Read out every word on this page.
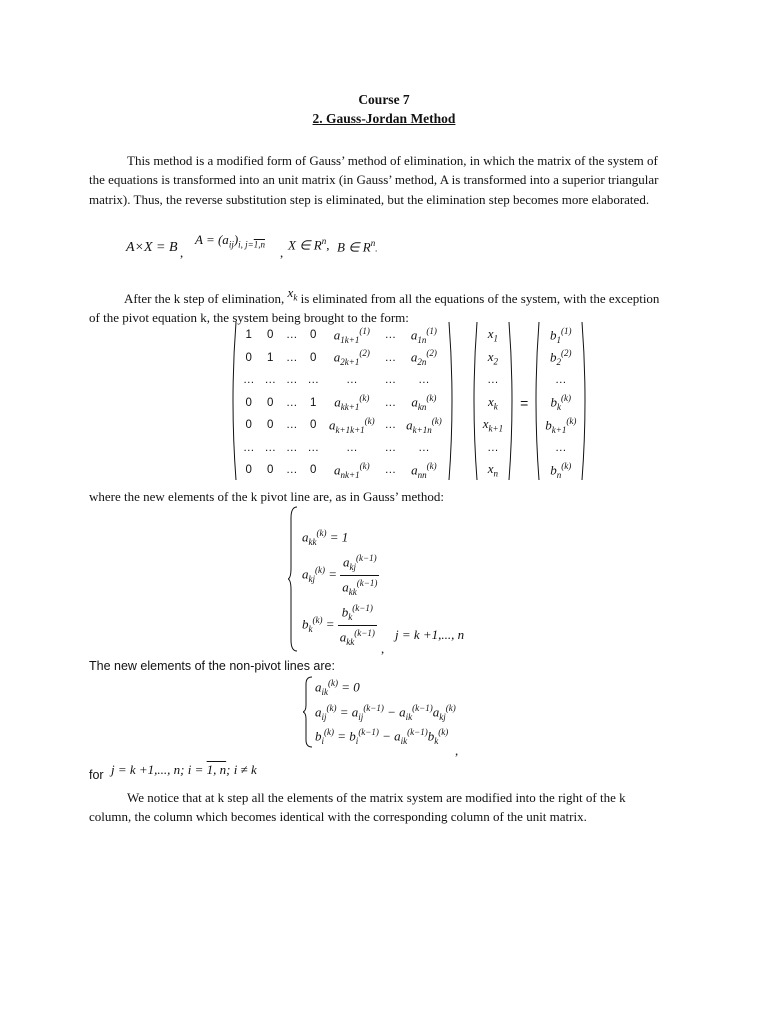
Course 7
2. Gauss-Jordan Method
This method is a modified form of Gauss’ method of elimination, in which the matrix of the system of the equations is transformed into an unit matrix (in Gauss’ method, A is transformed into a superior triangular matrix). Thus, the reverse substitution step is eliminated, but the elimination step becomes more elaborated.
A×X = B ,
$A = (a_{ij})_{i, j=1,n}$
,
X ∈ $R^n$, B ∈ $R^n$.
After the k step of elimination, $x_k$ is eliminated from all the equations of the system, with the exception of the pivot equation k, the system being brought to the form:

1	0	…	0	$a_{1k+1}^{(1)}$	…	$a_{1n}^{(1)}$
0	1	…	0	$a_{2k+1}^{(2)}$	…	$a_{2n}^{(2)}$
…	…	…	…	…	…	…
0	0	…	1	$a_{kk+1}^{(k)}$	…	$a_{kn}^{(k)}$
0	0	…	0	$a_{k+1k+1}^{(k)}$	…	$a_{k+1n}^{(k)}$
…	…	…	…	…	…	…
0	0	…	0	$a_{nk+1}^{(k)}$	…	$a_{nn}^{(k)}$

$x_1$
$x_2$
…
$x_k$
$x_{k+1}$
…
$x_n$
		=		
$b_1^{(1)}$
$b_2^{(2)}$
…
$b_k^{(k)}$
$b_{k+1}^{(k)}$
…
$b_n^{(k)}$

where the new elements of the k pivot line are, as in Gauss’ method:
$a_{kk}^{(k)} = 1$
$a_{kj}^{(k)} = \frac{a_{kj}^{(k-1)}}{a_{kk}^{(k-1)}}$
$b_k^{(k)} = \frac{b_k^{(k-1)}}{a_{kk}^{(k-1)}}$ ,
j = k +1,..., n
The new elements of the non-pivot lines are:
$a_{ik}^{(k)} = 0$
$a_{ij}^{(k)} = a_{ij}^{(k-1)} - a_{ik}^{(k-1)}a_{kj}^{(k)}$
$b_i^{(k)} = b_i^{(k-1)} - a_{ik}^{(k-1)}b_k^{(k)}$
,
for j = k +1,..., n; i = 1, n; i ≠ k
We notice that at k step all the elements of the matrix system are modified into the right of the k column, the column which becomes identical with the corresponding column of the unit matrix.
